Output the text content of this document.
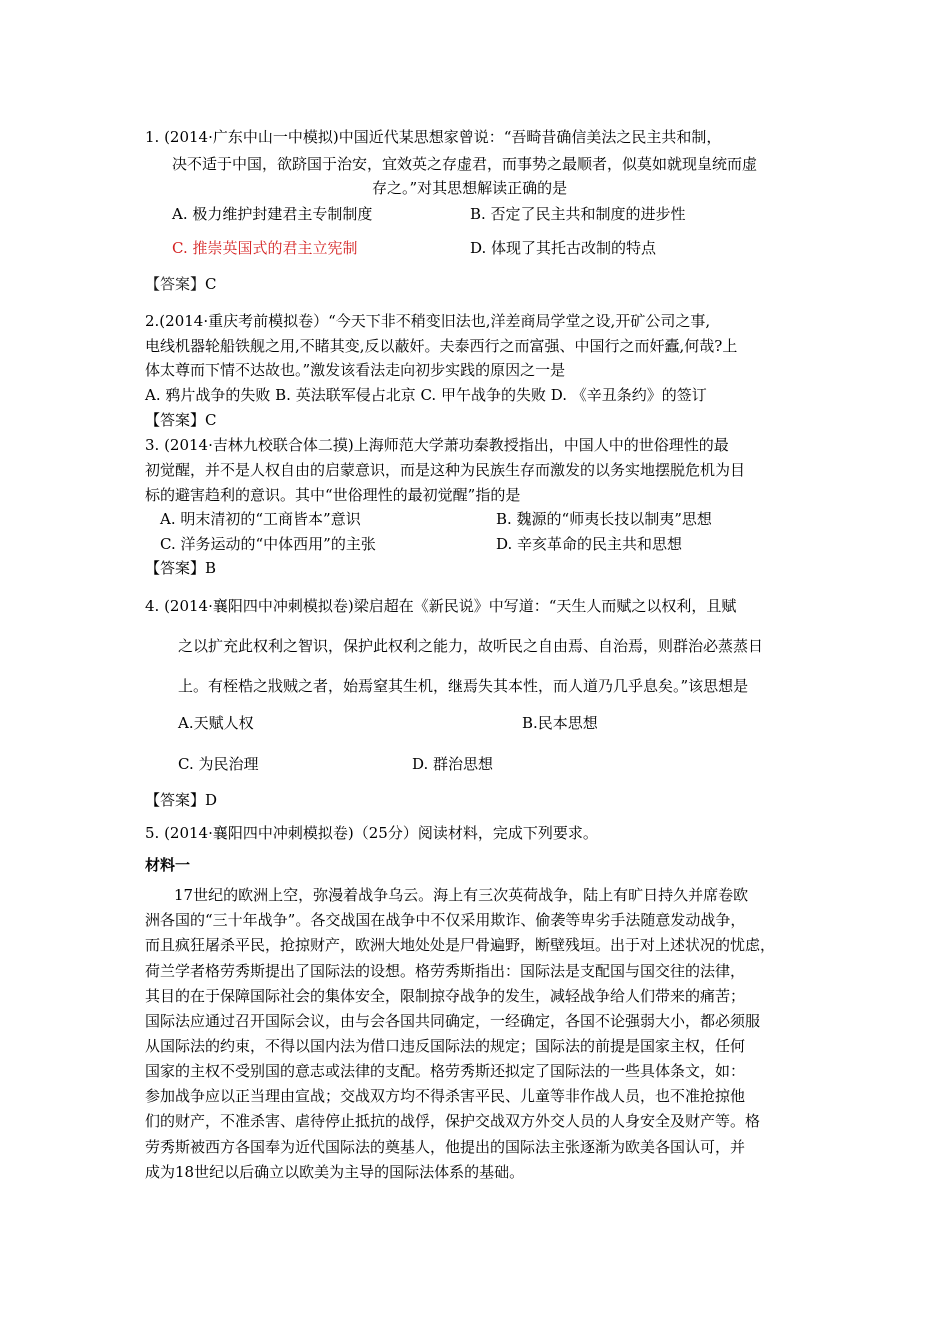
1. (2014·广东中山一中模拟)中国近代某思想家曾说：“吾畸昔确信美法之民主共和制，
决不适于中国，欲跻国于治安，宜效英之存虚君，而事势之最顺者，似莫如就现皇统而虚
存之。”对其思想解读正确的是
A. 极力维护封建君主专制制度	B. 否定了民主共和制度的进步性
C. 推崇英国式的君主立宪制	D. 体现了其托古改制的特点
【答案】C
2.(2014·重庆考前模拟卷）“今天下非不稍变旧法也,洋差商局学堂之设,开矿公司之事,
电线机器轮船铁舰之用,不睹其变,反以蔽奸。夫泰西行之而富强、中国行之而奸蠹,何哉?上
体太尊而下情不达故也。”激发该看法走向初步实践的原因之一是
A. 鸦片战争的失败 B. 英法联军侵占北京 C. 甲午战争的失败 D. 《辛丑条约》的签订
【答案】C
3. (2014·吉林九校联合体二摸)上海师范大学萧功秦教授指出，中国人中的世俗理性的最
初觉醒，并不是人权自由的启蒙意识，而是这种为民族生存而激发的以务实地摆脱危机为目
标的避害趋利的意识。其中“世俗理性的最初觉醒”指的是
A. 明末清初的“工商皆本”意识	B. 魏源的“师夷长技以制夷”思想
C. 洋务运动的“中体西用”的主张	D. 辛亥革命的民主共和思想
【答案】B
4. (2014·襄阳四中冲刺模拟卷)梁启超在《新民说》中写道：“天生人而赋之以权利，且赋
之以扩充此权利之智识，保护此权利之能力，故听民之自由焉、自治焉，则群治必蒸蒸日
上。有桎梏之戕贼之者，始焉窒其生机，继焉失其本性，而人道乃几乎息矣。”该思想是
A.天赋人权	B.民本思想
C. 为民治理	D. 群治思想
【答案】D
5. (2014·襄阳四中冲刺模拟卷)（25分）阅读材料，完成下列要求。
材料一
17世纪的欧洲上空，弥漫着战争乌云。海上有三次英荷战争，陆上有旷日持久并席卷欧
洲各国的“三十年战争”。各交战国在战争中不仅采用欺诈、偷袭等卑劣手法随意发动战争，
而且疯狂屠杀平民，抢掠财产，欧洲大地处处是尸骨遍野，断壁残垣。出于对上述状况的忧虑，
荷兰学者格劳秀斯提出了国际法的设想。格劳秀斯指出：国际法是支配国与国交往的法律，
其目的在于保障国际社会的集体安全，限制掠夺战争的发生，减轻战争给人们带来的痛苦；
国际法应通过召开国际会议，由与会各国共同确定，一经确定，各国不论强弱大小，都必须服
从国际法的约束，不得以国内法为借口违反国际法的规定；国际法的前提是国家主权，任何
国家的主权不受别国的意志或法律的支配。格劳秀斯还拟定了国际法的一些具体条文，如：
参加战争应以正当理由宣战；交战双方均不得杀害平民、儿童等非作战人员，也不准抢掠他
们的财产，不准杀害、虐待停止抵抗的战俘，保护交战双方外交人员的人身安全及财产等。格
劳秀斯被西方各国奉为近代国际法的奠基人，他提出的国际法主张逐渐为欧美各国认可，并
成为18世纪以后确立以欧美为主导的国际法体系的基础。
